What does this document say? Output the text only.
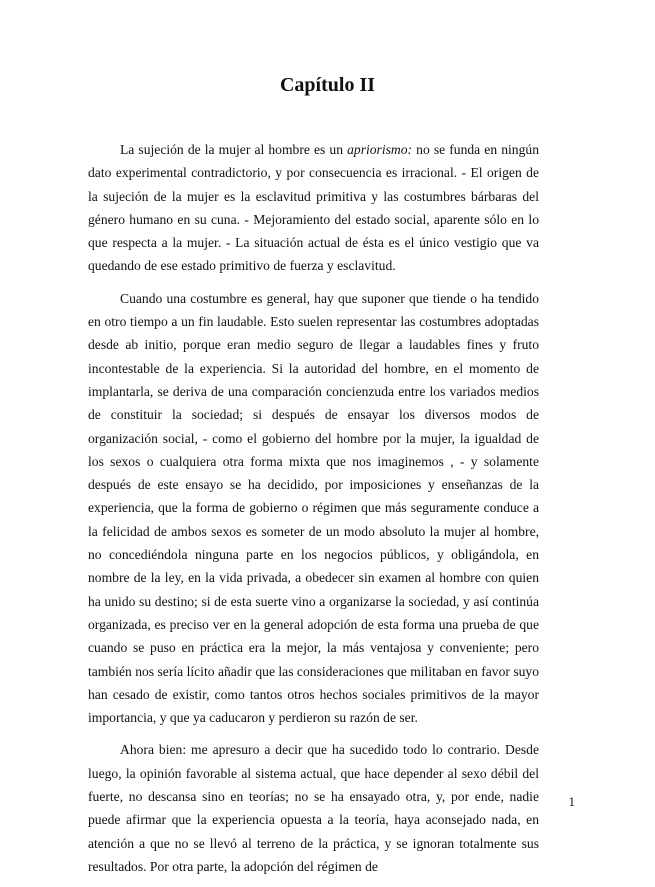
Capítulo II

La sujeción de la mujer al hombre es un apriorismo: no se funda en ningún dato experimental contradictorio, y por consecuencia es irracional. - El origen de la sujeción de la mujer es la esclavitud primitiva y las costumbres bárbaras del género humano en su cuna. - Mejoramiento del estado social, aparente sólo en lo que respecta a la mujer. - La situación actual de ésta es el único vestigio que va quedando de ese estado primitivo de fuerza y esclavitud.

Cuando una costumbre es general, hay que suponer que tiende o ha tendido en otro tiempo a un fin laudable. Esto suelen representar las costumbres adoptadas desde ab initio, porque eran medio seguro de llegar a laudables fines y fruto incontestable de la experiencia. Si la autoridad del hombre, en el momento de implantarla, se deriva de una comparación concienzuda entre los variados medios de constituir la sociedad; si después de ensayar los diversos modos de organización social, - como el gobierno del hombre por la mujer, la igualdad de los sexos o cualquiera otra forma mixta que nos imaginemos , - y solamente después de este ensayo se ha decidido, por imposiciones y enseñanzas de la experiencia, que la forma de gobierno o régimen que más seguramente conduce a la felicidad de ambos sexos es someter de un modo absoluto la mujer al hombre, no concediéndola ninguna parte en los negocios públicos, y obligándola, en nombre de la ley, en la vida privada, a obedecer sin examen al hombre con quien ha unido su destino; si de esta suerte vino a organizarse la sociedad, y así continúa organizada, es preciso ver en la general adopción de esta forma una prueba de que cuando se puso en práctica era la mejor, la más ventajosa y conveniente; pero también nos sería lícito añadir que las consideraciones que militaban en favor suyo han cesado de existir, como tantos otros hechos sociales primitivos de la mayor importancia, y que ya caducaron y perdieron su razón de ser.

Ahora bien: me apresuro a decir que ha sucedido todo lo contrario. Desde luego, la opinión favorable al sistema actual, que hace depender al sexo débil del fuerte, no descansa sino en teorías; no se ha ensayado otra, y, por ende, nadie puede afirmar que la experiencia opuesta a la teoría, haya aconsejado nada, en atención a que no se llevó al terreno de la práctica, y se ignoran totalmente sus resultados. Por otra parte, la adopción del régimen de

1
